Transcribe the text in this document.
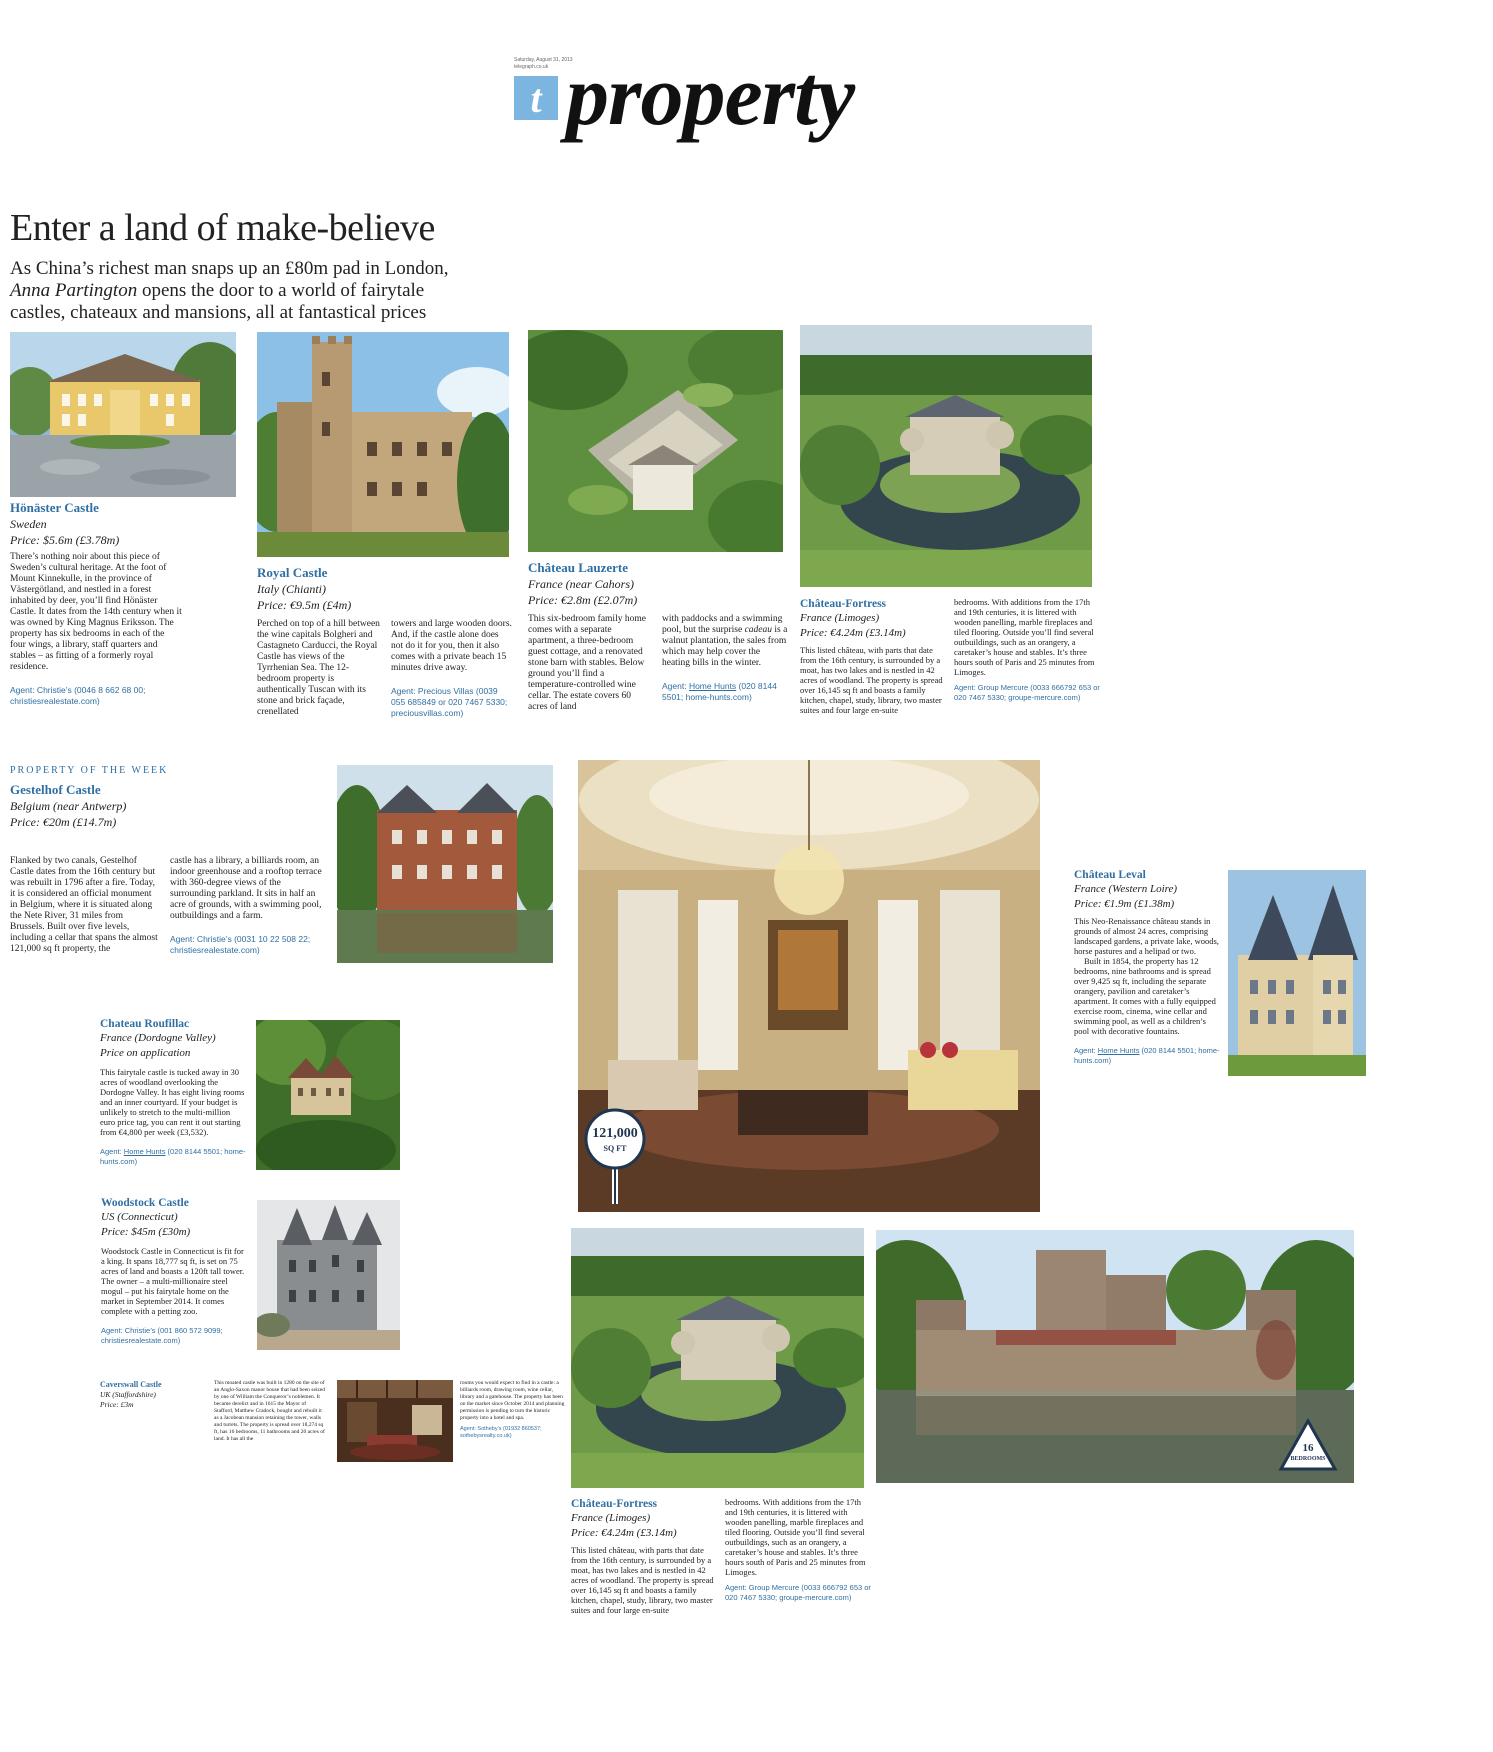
Saturday, August 31, 2013
telegraph.co.uk
t property
Enter a land of make-believe
As China’s richest man snaps up an £80m pad in London,
Anna Partington opens the door to a world of fairytale
castles, chateaux and mansions, all at fantastical prices
Hönäster Castle
Sweden
Price: $5.6m (£3.78m)
There’s nothing noir about this piece of Sweden’s cultural heritage. At the foot of Mount Kinnekulle, in the province of Västergötland, and nestled in a forest inhabited by deer, you’ll find Hönäster Castle. It dates from the 14th century when it was owned by King Magnus Eriksson. The property has six bedrooms in each of the four wings, a library, staff quarters and stables – as fitting of a formerly royal residence.
Agent: Christie’s (0046 8 662 68 00; christiesrealestate.com)
Royal Castle
Italy (Chianti)
Price: €9.5m (£4m)
Perched on top of a hill between the wine capitals Bolgheri and Castagneto Carducci, the Royal Castle has views of the Tyrrhenian Sea. The 12-bedroom property is authentically Tuscan with its stone and brick façade, crenellated
towers and large wooden doors. And, if the castle alone does not do it for you, then it also comes with a private beach 15 minutes drive away.
Agent: Precious Villas (0039 055 685849 or 020 7467 5330; preciousvillas.com)
Château Lauzerte
France (near Cahors)
Price: €2.8m (£2.07m)
This six-bedroom family home comes with a separate apartment, a three-bedroom guest cottage, and a renovated stone barn with stables. Below ground you’ll find a temperature-controlled wine cellar. The estate covers 60 acres of land
with paddocks and a swimming pool, but the surprise cadeau is a walnut plantation, the sales from which may help cover the heating bills in the winter.
Agent: Home Hunts (020 8144 5501; home-hunts.com)
Château-Fortress
France (Limoges)
Price: €4.24m (£3.14m)
This listed château, with parts that date from the 16th century, is surrounded by a moat, has two lakes and is nestled in 42 acres of woodland. The property is spread over 16,145 sq ft and boasts a family kitchen, chapel, study, library, two master suites and four large en-suite
bedrooms. With additions from the 17th and 19th centuries, it is littered with wooden panelling, marble fireplaces and tiled flooring. Outside you’ll find several outbuildings, such as an orangery, a caretaker’s house and stables. It’s three hours south of Paris and 25 minutes from Limoges.
Agent: Group Mercure (0033 666792 653 or 020 7467 5330; groupe-mercure.com)
PROPERTY OF THE WEEK
Gestelhof Castle
Belgium (near Antwerp)
Price: €20m (£14.7m)
Flanked by two canals, Gestelhof Castle dates from the 16th century but was rebuilt in 1796 after a fire. Today, it is considered an official monument in Belgium, where it is situated along the Nete River, 31 miles from Brussels. Built over five levels, including a cellar that spans the almost 121,000 sq ft property, the
castle has a library, a billiards room, an indoor greenhouse and a rooftop terrace with 360-degree views of the surrounding parkland. It sits in half an acre of grounds, with a swimming pool, outbuildings and a farm.
Agent: Christie’s (0031 10 22 508 22; christiesrealestate.com)
121,000
SQ FT
Château Leval
France (Western Loire)
Price: €1.9m (£1.38m)
This Neo-Renaissance château stands in grounds of almost 24 acres, comprising landscaped gardens, a private lake, woods, horse pastures and a helipad or two.
Built in 1854, the property has 12 bedrooms, nine bathrooms and is spread over 9,425 sq ft, including the separate orangery, pavilion and caretaker’s apartment. It comes with a fully equipped exercise room, cinema, wine cellar and swimming pool, as well as a children’s pool with decorative fountains.
Agent: Home Hunts (020 8144 5501; home-hunts.com)
Chateau Roufillac
France (Dordogne Valley)
Price on application
This fairytale castle is tucked away in 30 acres of woodland overlooking the Dordogne Valley. It has eight living rooms and an inner courtyard. If your budget is unlikely to stretch to the multi-million euro price tag, you can rent it out starting from €4,800 per week (£3,532).
Agent: Home Hunts (020 8144 5501; home-hunts.com)
Woodstock Castle
US (Connecticut)
Price: $45m (£30m)
Woodstock Castle in Connecticut is fit for a king. It spans 18,777 sq ft, is set on 75 acres of land and boasts a 120ft tall tower. The owner – a multi-millionaire steel mogul – put his fairytale home on the market in September 2014. It comes complete with a petting zoo.
Agent: Christie’s (001 860 572 9099; christiesrealestate.com)
Caverswall Castle
UK (Staffordshire)
Price: £3m
This moated castle was built in 1280 on the site of an Anglo-Saxon manor house that had been seized by one of William the Conqueror’s noblemen. It became derelict and in 1615 the Mayor of Stafford, Matthew Cradock, bought and rebuilt it as a Jacobean mansion retaining the tower, walls and turrets. The property is spread over 18,274 sq ft, has 16 bedrooms, 11 bathrooms and 20 acres of land. It has all the
rooms you would expect to find in a castle: a billiards room, drawing room, wine cellar, library and a gatehouse. The property has been on the market since October 2014 and planning permission is pending to turn the historic property into a hotel and spa.
Agent: Sotheby’s (01932 860537; sothebysrealty.co.uk)
Château-Fortress
France (Limoges)
Price: €4.24m (£3.14m)
This listed château, with parts that date from the 16th century, is surrounded by a moat, has two lakes and is nestled in 42 acres of woodland. The property is spread over 16,145 sq ft and boasts a family kitchen, chapel, study, library, two master suites and four large en-suite
bedrooms. With additions from the 17th and 19th centuries, it is littered with wooden panelling, marble fireplaces and tiled flooring. Outside you’ll find several outbuildings, such as an orangery, a caretaker’s house and stables. It’s three hours south of Paris and 25 minutes from Limoges.
Agent: Group Mercure (0033 666792 653 or 020 7467 5330; groupe-mercure.com)
16
BEDROOMS
